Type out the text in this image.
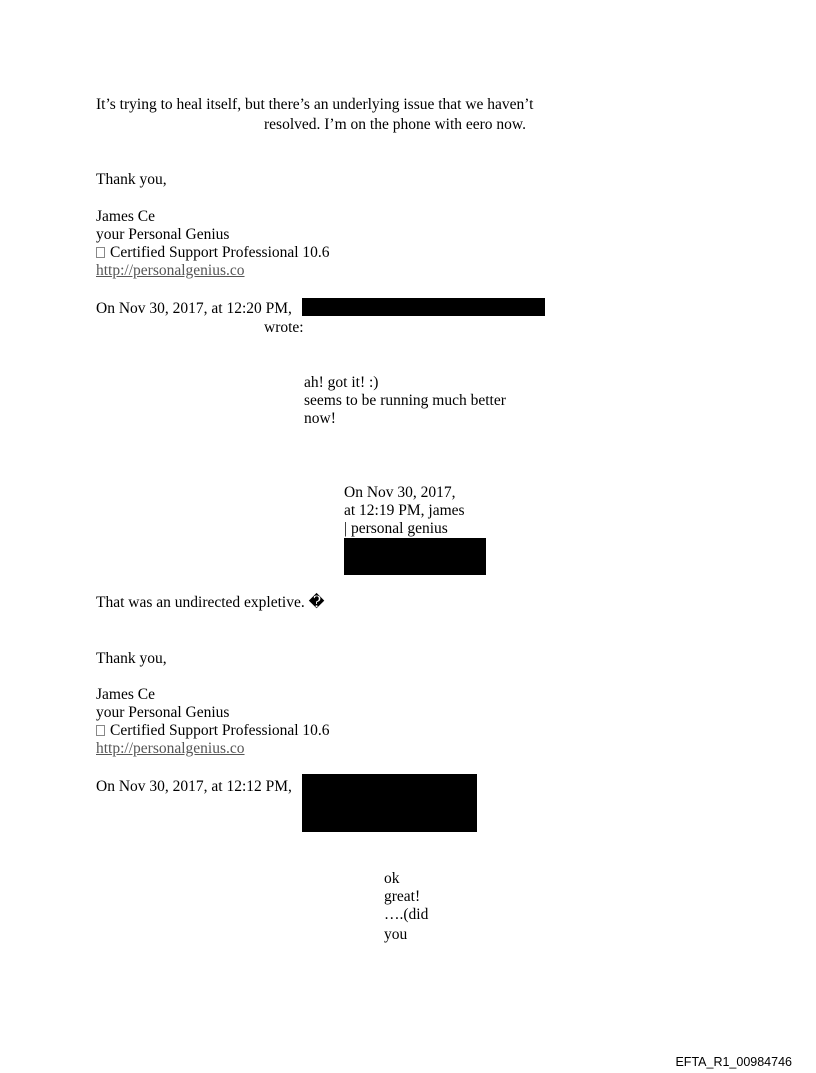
It’s trying to heal itself, but there’s an underlying issue that we haven’t
resolved. I’m on the phone with eero now.
Thank you,
James Ce
your Personal Genius
Certified Support Professional 10.6
http://personalgenius.co
On Nov 30, 2017, at 12:20 PM,
wrote:
ah! got it! :)
seems to be running much better
now!
On Nov 30, 2017,
at 12:19 PM, james
| personal genius
That was an undirected expletive. �
Thank you,
James Ce
your Personal Genius
Certified Support Professional 10.6
http://personalgenius.co
On Nov 30, 2017, at 12:12 PM,
ok
great!
….(did
you
EFTA_R1_00984746
